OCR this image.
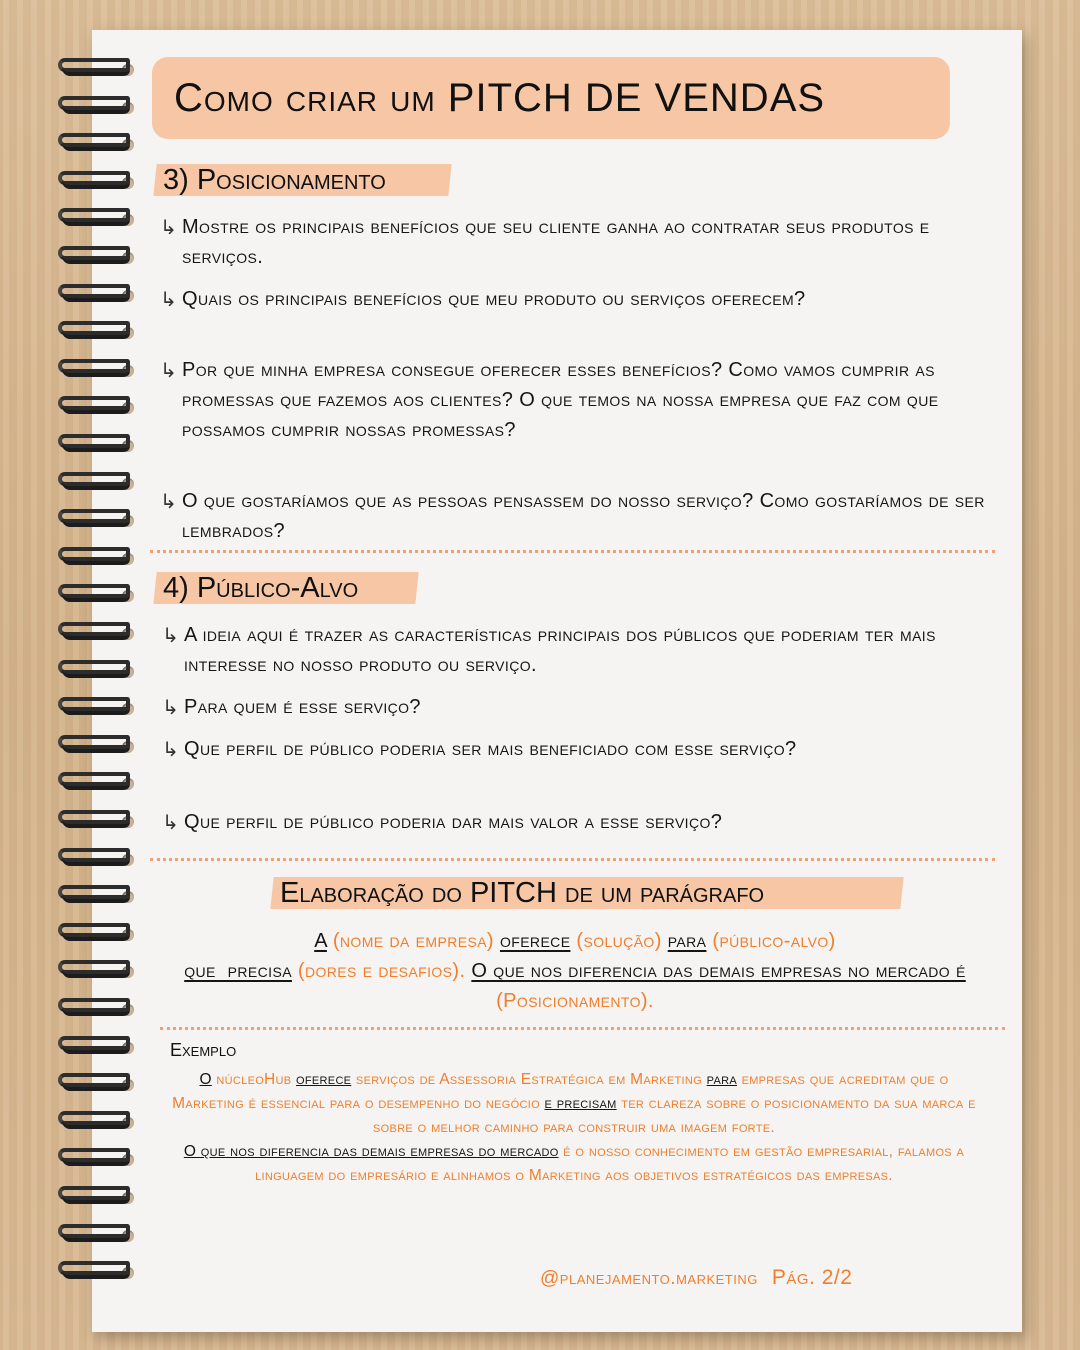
Como criar um PITCH DE VENDAS
3) Posicionamento
↳ Mostre os principais benefícios que seu cliente ganha ao contratar seus produtos e serviços.
↳ Quais os principais benefícios que meu produto ou serviços oferecem?
↳ Por que minha empresa consegue oferecer esses benefícios? Como vamos cumprir as promessas que fazemos aos clientes? O que temos na nossa empresa que faz com que possamos cumprir nossas promessas?
↳ O que gostaríamos que as pessoas pensassem do nosso serviço? Como gostaríamos de ser lembrados?
4) Público-Alvo
↳ A ideia aqui é trazer as características principais dos públicos que poderiam ter mais interesse no nosso produto ou serviço.
↳ Para quem é esse serviço?
↳ Que perfil de público poderia ser mais beneficiado com esse serviço?
↳ Que perfil de público poderia dar mais valor a esse serviço?
Elaboração do PITCH de um parágrafo
A (nome da empresa) oferece (solução) para (público-alvo)
que  precisa (dores e desafios). O que nos diferencia das demais empresas no mercado é (Posicionamento).
Exemplo
O núcleoHub oferece serviços de Assessoria Estratégica em Marketing para empresas que acreditam que o Marketing é essencial para o desempenho do negócio e precisam ter clareza sobre o posicionamento da sua marca e sobre o melhor caminho para construir uma imagem forte.
O que nos diferencia das demais empresas do mercado é o nosso conhecimento em gestão empresarial, falamos a linguagem do empresário e alinhamos o Marketing aos objetivos estratégicos das empresas.
@planejamento.marketing Pág. 2/2
